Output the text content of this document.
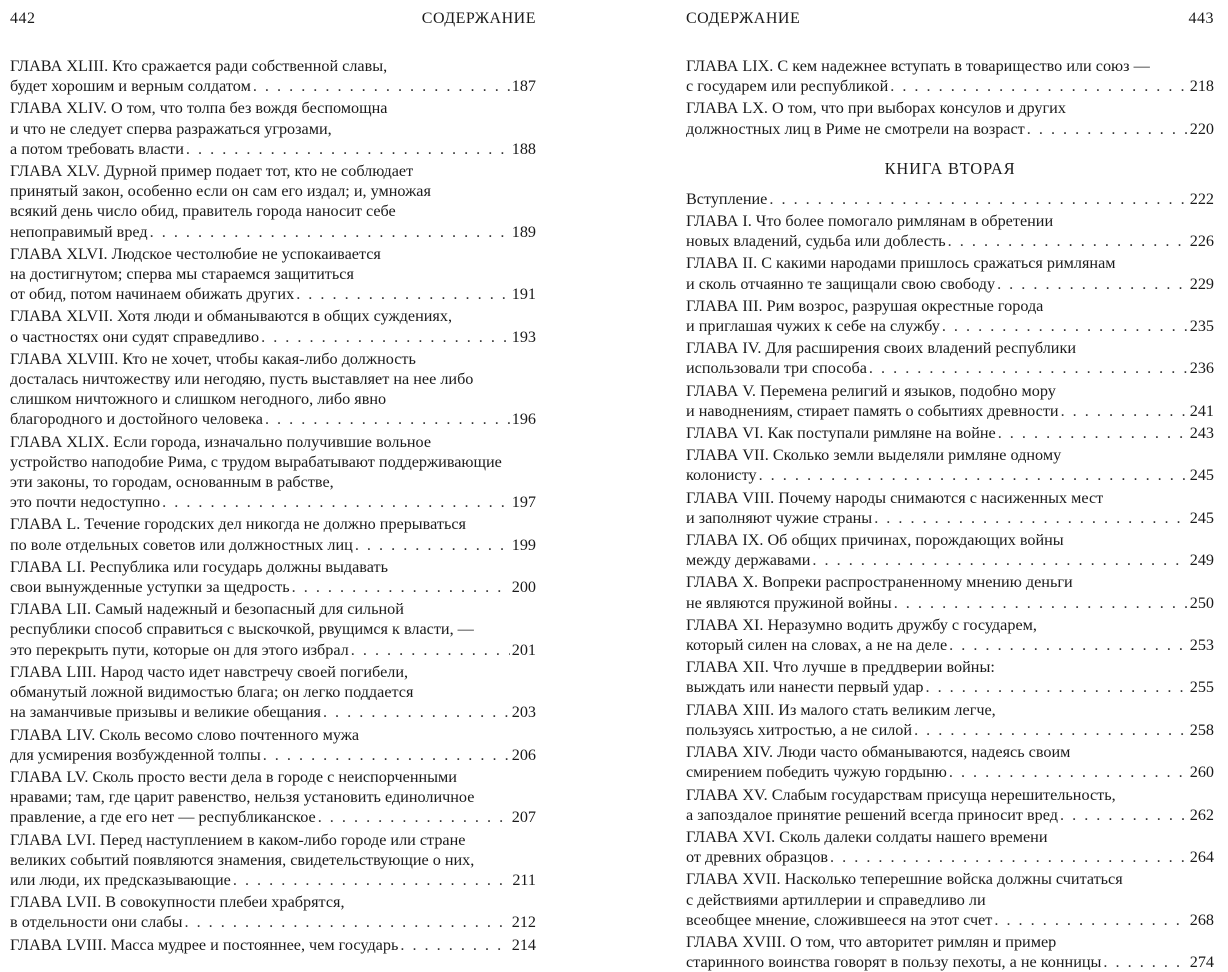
442	СОДЕРЖАНИЕ
ГЛАВА XLIII. Кто сражается ради собственной славы,
будет хорошим и верным солдатом . . .	187
ГЛАВА XLIV. О том, что толпа без вождя беспомощна
и что не следует сперва разражаться угрозами,
а потом требовать власти . . .	188
ГЛАВА XLV. Дурной пример подает тот, кто не соблюдает
принятый закон, особенно если он сам его издал; и, умножая
всякий день число обид, правитель города наносит себе
непоправимый вред . . .	189
ГЛАВА XLVI. Людское честолюбие не успокаивается
на достигнутом; сперва мы стараемся защититься
от обид, потом начинаем обижать других . . .	191
ГЛАВА XLVII. Хотя люди и обманываются в общих суждениях,
о частностях они судят справедливо . . .	193
ГЛАВА XLVIII. Кто не хочет, чтобы какая-либо должность
досталась ничтожеству или негодяю, пусть выставляет на нее либо
слишком ничтожного и слишком негодного, либо явно
благородного и достойного человека . . .	196
ГЛАВА XLIX. Если города, изначально получившие вольное
устройство наподобие Рима, с трудом вырабатывают поддерживающие
эти законы, то городам, основанным в рабстве,
это почти недоступно . . .	197
ГЛАВА L. Течение городских дел никогда не должно прерываться
по воле отдельных советов или должностных лиц . . .	199
ГЛАВА LI. Республика или государь должны выдавать
свои вынужденные уступки за щедрость . . .	200
ГЛАВА LII. Самый надежный и безопасный для сильной
республики способ справиться с выскочкой, рвущимся к власти, —
это перекрыть пути, которые он для этого избрал . . .	201
ГЛАВА LIII. Народ часто идет навстречу своей погибели,
обманутый ложной видимостью блага; он легко поддается
на заманчивые призывы и великие обещания . . .	203
ГЛАВА LIV. Сколь весомо слово почтенного мужа
для усмирения возбужденной толпы . . .	206
ГЛАВА LV. Сколь просто вести дела в городе с неиспорченными
нравами; там, где царит равенство, нельзя установить единоличное
правление, а где его нет — республиканское . . .	207
ГЛАВА LVI. Перед наступлением в каком-либо городе или стране
великих событий появляются знамения, свидетельствующие о них,
или люди, их предсказывающие . . .	211
ГЛАВА LVII. В совокупности плебеи храбрятся,
в отдельности они слабы . . .	212
ГЛАВА LVIII. Масса мудрее и постояннее, чем государь . . .	214
СОДЕРЖАНИЕ	443
ГЛАВА LIX. С кем надежнее вступать в товарищество или союз —
с государем или республикой . . .	218
ГЛАВА LX. О том, что при выборах консулов и других
должностных лиц в Риме не смотрели на возраст . . .	220
КНИГА ВТОРАЯ
Вступление . . .	222
ГЛАВА I. Что более помогало римлянам в обретении
новых владений, судьба или доблесть . . .	226
ГЛАВА II. С какими народами пришлось сражаться римлянам
и сколь отчаянно те защищали свою свободу . . .	229
ГЛАВА III. Рим возрос, разрушая окрестные города
и приглашая чужих к себе на службу . . .	235
ГЛАВА IV. Для расширения своих владений республики
использовали три способа . . .	236
ГЛАВА V. Перемена религий и языков, подобно мору
и наводнениям, стирает память о событиях древности . . .	241
ГЛАВА VI. Как поступали римляне на войне . . .	243
ГЛАВА VII. Сколько земли выделяли римляне одному
колонисту . . .	245
ГЛАВА VIII. Почему народы снимаются с насиженных мест
и заполняют чужие страны . . .	245
ГЛАВА IX. Об общих причинах, порождающих войны
между державами . . .	249
ГЛАВА X. Вопреки распространенному мнению деньги
не являются пружиной войны . . .	250
ГЛАВА XI. Неразумно водить дружбу с государем,
который силен на словах, а не на деле . . .	253
ГЛАВА XII. Что лучше в преддверии войны:
выждать или нанести первый удар . . .	255
ГЛАВА XIII. Из малого стать великим легче,
пользуясь хитростью, а не силой . . .	258
ГЛАВА XIV. Люди часто обманываются, надеясь своим
смирением победить чужую гордыню . . .	260
ГЛАВА XV. Слабым государствам присуща нерешительность,
а запоздалое принятие решений всегда приносит вред . . .	262
ГЛАВА XVI. Сколь далеки солдаты нашего времени
от древних образцов . . .	264
ГЛАВА XVII. Насколько теперешние войска должны считаться
с действиями артиллерии и справедливо ли
всеобщее мнение, сложившееся на этот счет . . .	268
ГЛАВА XVIII. О том, что авторитет римлян и пример
старинного воинства говорят в пользу пехоты, а не конницы . . .	274
